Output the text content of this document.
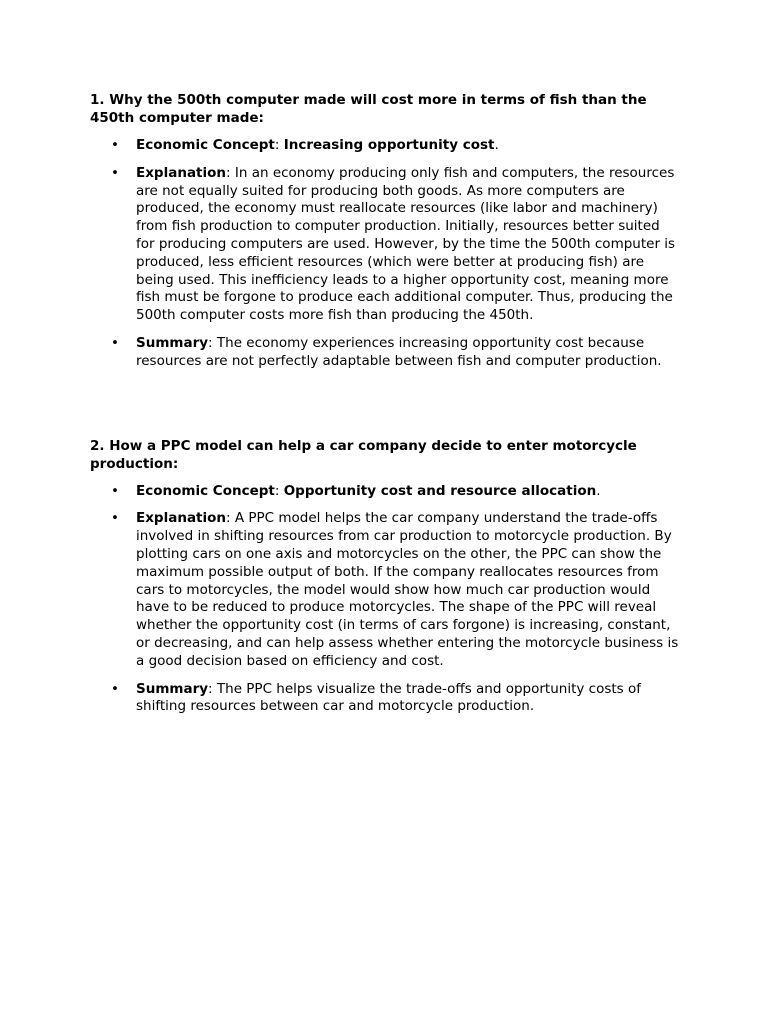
1. Why the 500th computer made will cost more in terms of fish than the 450th computer made:

• Economic Concept: Increasing opportunity cost.
• Explanation: In an economy producing only fish and computers, the resources are not equally suited for producing both goods. As more computers are produced, the economy must reallocate resources (like labor and machinery) from fish production to computer production. Initially, resources better suited for producing computers are used. However, by the time the 500th computer is produced, less efficient resources (which were better at producing fish) are being used. This inefficiency leads to a higher opportunity cost, meaning more fish must be forgone to produce each additional computer. Thus, producing the 500th computer costs more fish than producing the 450th.
• Summary: The economy experiences increasing opportunity cost because resources are not perfectly adaptable between fish and computer production.

2. How a PPC model can help a car company decide to enter motorcycle production:

• Economic Concept: Opportunity cost and resource allocation.
• Explanation: A PPC model helps the car company understand the trade-offs involved in shifting resources from car production to motorcycle production. By plotting cars on one axis and motorcycles on the other, the PPC can show the maximum possible output of both. If the company reallocates resources from cars to motorcycles, the model would show how much car production would have to be reduced to produce motorcycles. The shape of the PPC will reveal whether the opportunity cost (in terms of cars forgone) is increasing, constant, or decreasing, and can help assess whether entering the motorcycle business is a good decision based on efficiency and cost.
• Summary: The PPC helps visualize the trade-offs and opportunity costs of shifting resources between car and motorcycle production.
